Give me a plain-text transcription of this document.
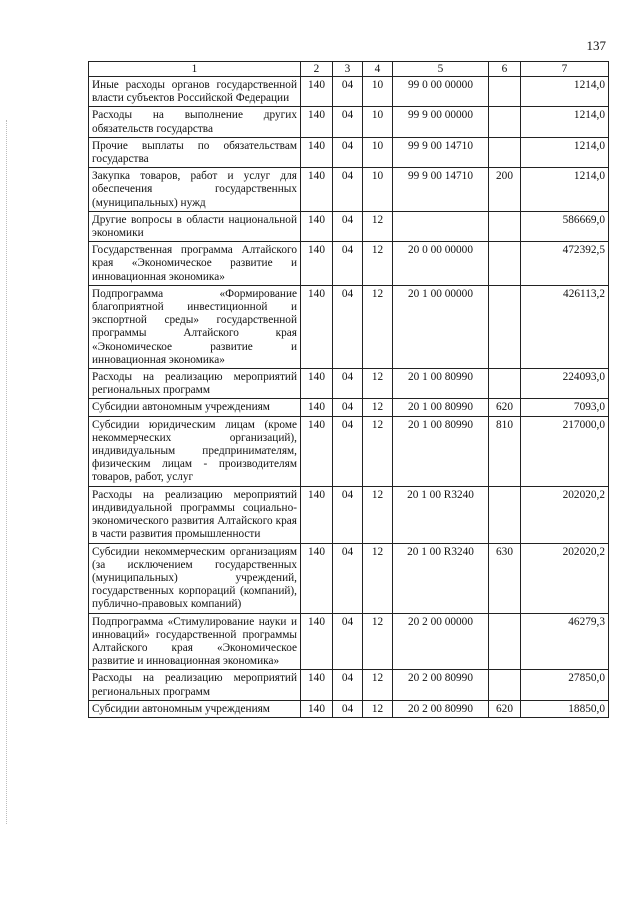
137
1	2	3	4	5	6	7
Иные расходы органов государственной власти субъектов Российской Федерации	140	04	10	99 0 00 00000		1214,0
Расходы на выполнение других обязательств государства	140	04	10	99 9 00 00000		1214,0
Прочие выплаты по обязательствам государства	140	04	10	99 9 00 14710		1214,0
Закупка товаров, работ и услуг для обеспечения государственных (муниципальных) нужд	140	04	10	99 9 00 14710	200	1214,0
Другие вопросы в области национальной экономики	140	04	12			586669,0
Государственная программа Алтайского края «Экономическое развитие и инновационная экономика»	140	04	12	20 0 00 00000		472392,5
Подпрограмма «Формирование благоприятной инвестиционной и экспортной среды» государственной программы Алтайского края «Экономическое развитие и инновационная экономика»	140	04	12	20 1 00 00000		426113,2
Расходы на реализацию мероприятий региональных программ	140	04	12	20 1 00 80990		224093,0
Субсидии автономным учреждениям	140	04	12	20 1 00 80990	620	7093,0
Субсидии юридическим лицам (кроме некоммерческих организаций), индивидуальным предпринимателям, физическим лицам - производителям товаров, работ, услуг	140	04	12	20 1 00 80990	810	217000,0
Расходы на реализацию мероприятий индивидуальной программы социально-экономического развития Алтайского края в части развития промышленности	140	04	12	20 1 00 R3240		202020,2
Субсидии некоммерческим организациям (за исключением государственных (муниципальных) учреждений, государственных корпораций (компаний), публично-правовых компаний)	140	04	12	20 1 00 R3240	630	202020,2
Подпрограмма «Стимулирование науки и инноваций» государственной программы Алтайского края «Экономическое развитие и инновационная экономика»	140	04	12	20 2 00 00000		46279,3
Расходы на реализацию мероприятий региональных программ	140	04	12	20 2 00 80990		27850,0
Субсидии автономным учреждениям	140	04	12	20 2 00 80990	620	18850,0
